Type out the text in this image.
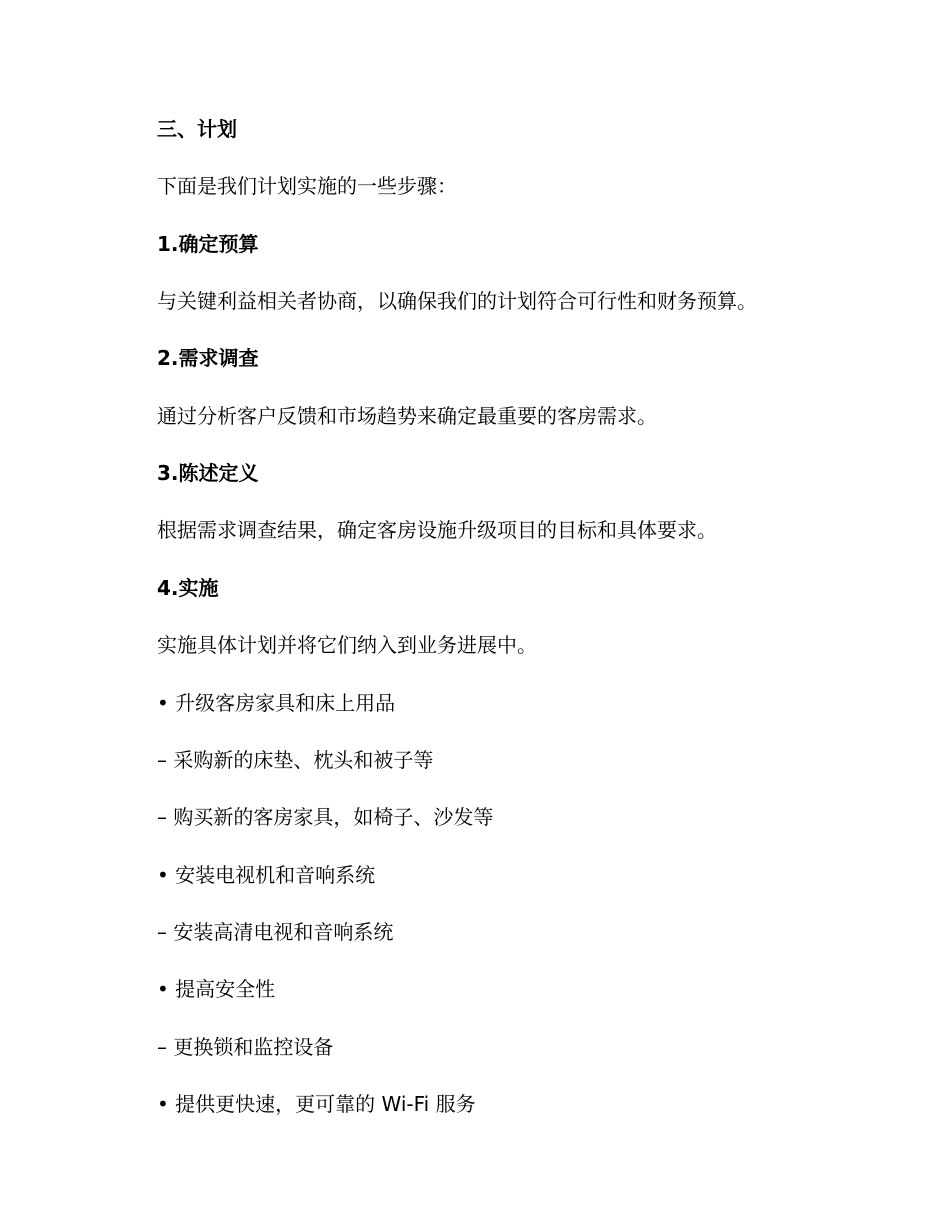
三、计划
下面是我们计划实施的一些步骤：
1.确定预算
与关键利益相关者协商，以确保我们的计划符合可行性和财务预算。
2.需求调查
通过分析客户反馈和市场趋势来确定最重要的客房需求。
3.陈述定义
根据需求调查结果，确定客房设施升级项目的目标和具体要求。
4.实施
实施具体计划并将它们纳入到业务进展中。
• 升级客房家具和床上用品
– 采购新的床垫、枕头和被子等
– 购买新的客房家具，如椅子、沙发等
• 安装电视机和音响系统
– 安装高清电视和音响系统
• 提高安全性
– 更换锁和监控设备
• 提供更快速，更可靠的 Wi-Fi 服务
